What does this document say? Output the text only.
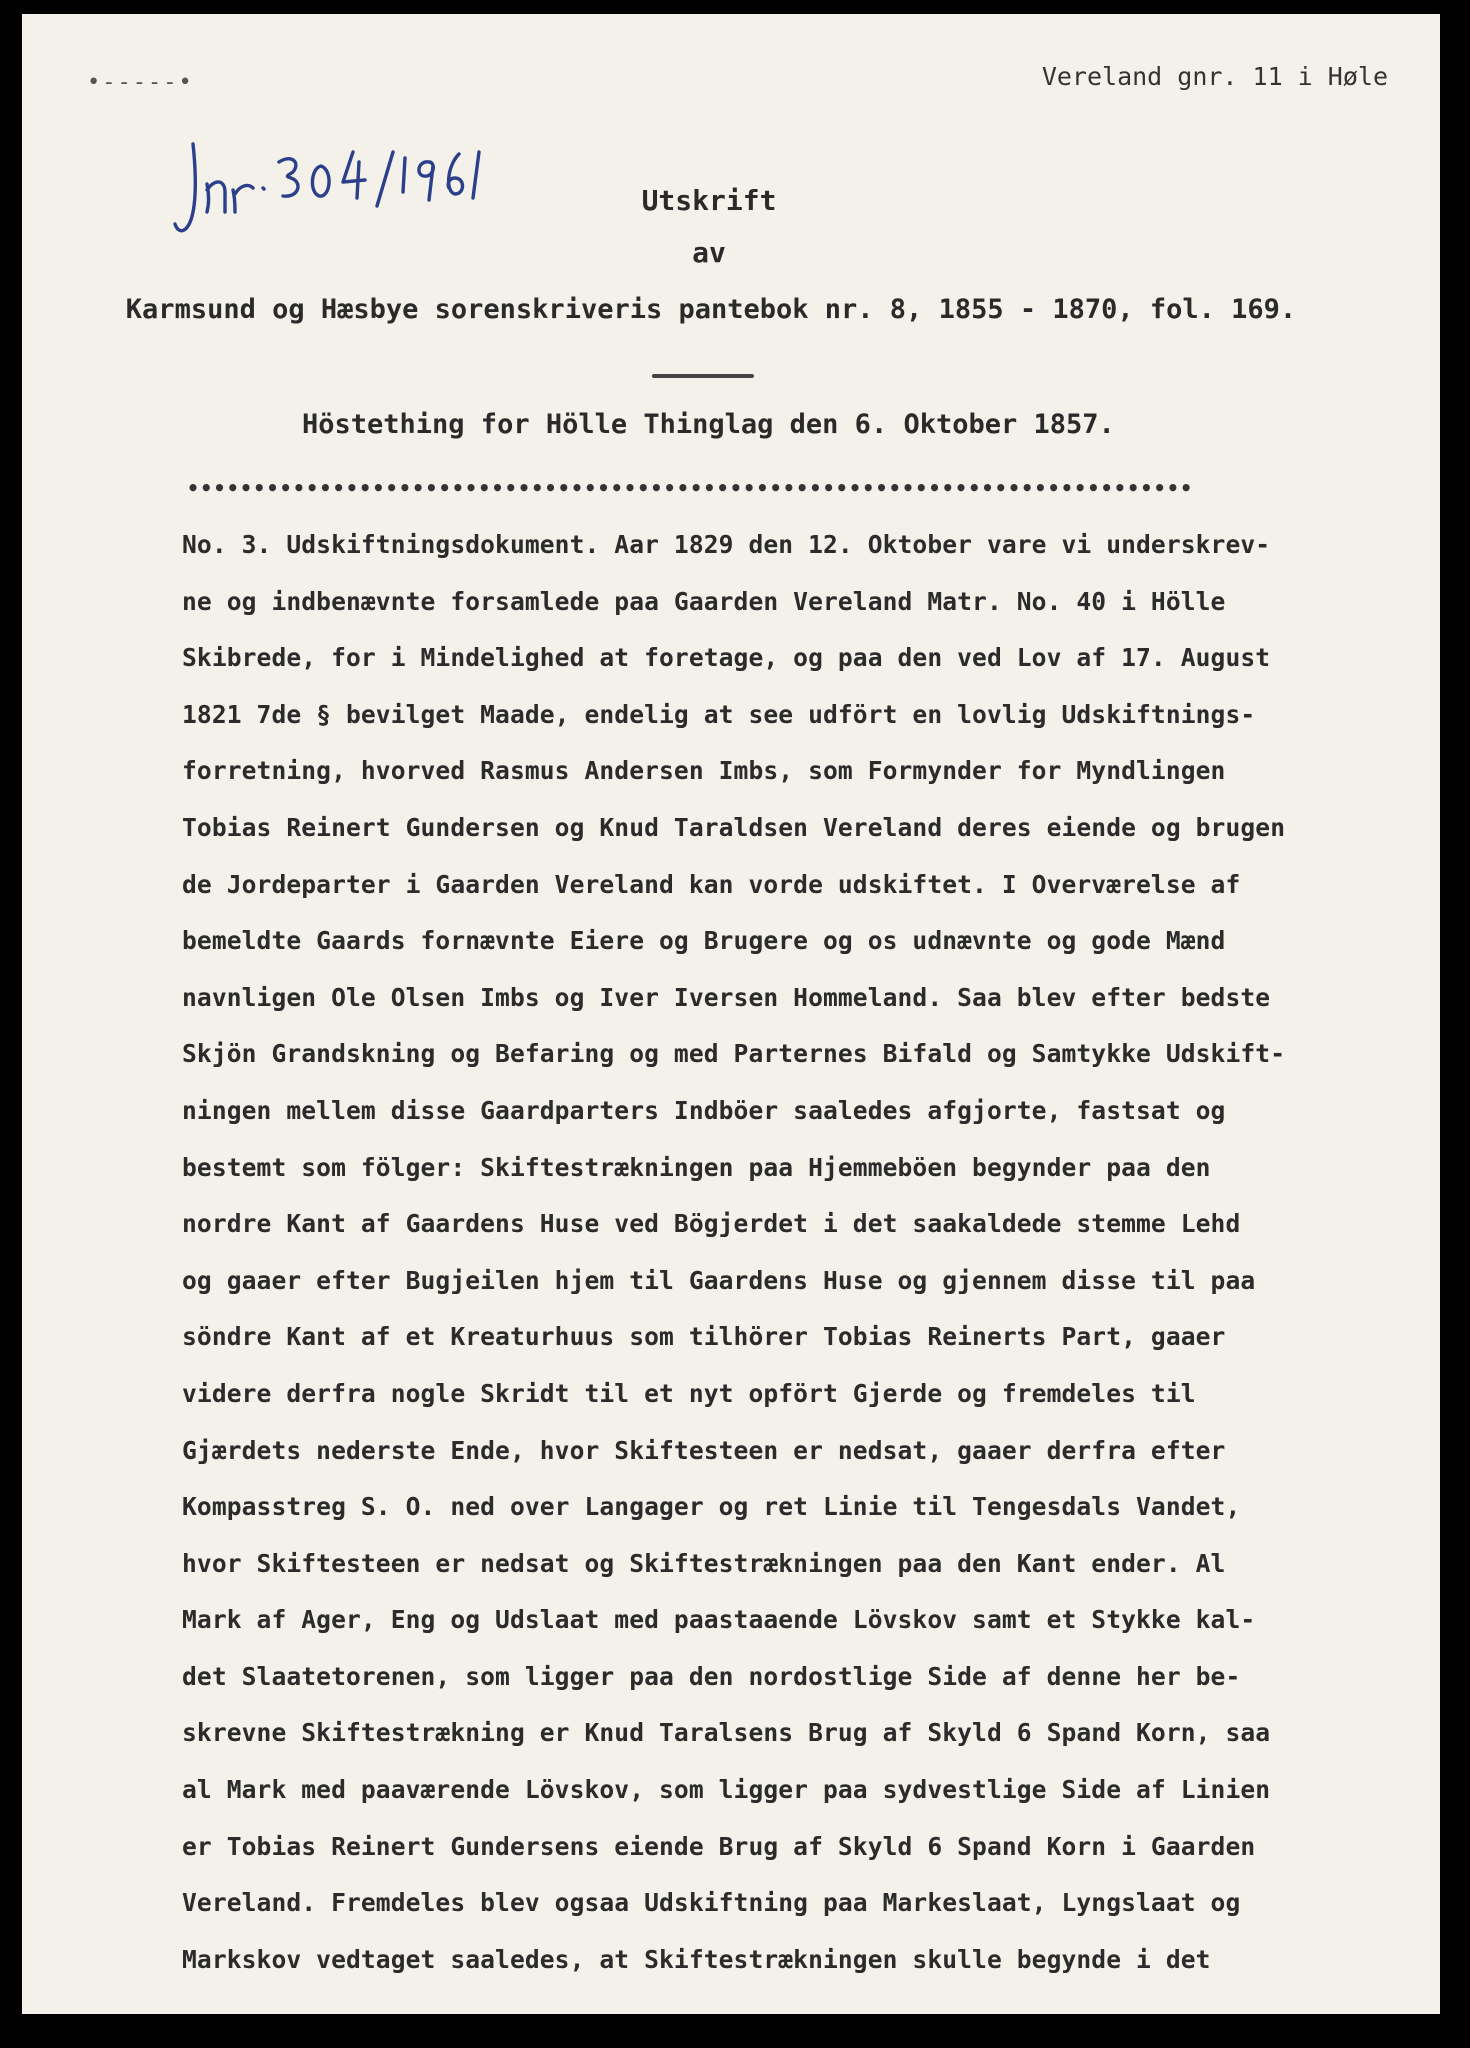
•-----•	Vereland gnr. 11 i Høle
Utskrift
av
Karmsund og Hæsbye sorenskriveris pantebok nr. 8, 1855 - 1870, fol. 169.
Höstething for Hölle Thinglag den 6. Oktober 1857.
••••••••••••••••••••••••••••••••••••••••••••••••••••••••••••••••••••••••••••
No. 3. Udskiftningsdokument. Aar 1829 den 12. Oktober vare vi underskrev-
ne og indbenævnte forsamlede paa Gaarden Vereland Matr. No. 40 i Hölle
Skibrede, for i Mindelighed at foretage, og paa den ved Lov af 17. August
1821 7de § bevilget Maade, endelig at see udfört en lovlig Udskiftnings-
forretning, hvorved Rasmus Andersen Imbs, som Formynder for Myndlingen
Tobias Reinert Gundersen og Knud Taraldsen Vereland deres eiende og brugen
de Jordeparter i Gaarden Vereland kan vorde udskiftet. I Overværelse af
bemeldte Gaards fornævnte Eiere og Brugere og os udnævnte og gode Mænd
navnligen Ole Olsen Imbs og Iver Iversen Hommeland. Saa blev efter bedste
Skjön Grandskning og Befaring og med Parternes Bifald og Samtykke Udskift-
ningen mellem disse Gaardparters Indböer saaledes afgjorte, fastsat og
bestemt som fölger: Skiftestrækningen paa Hjemmeböen begynder paa den
nordre Kant af Gaardens Huse ved Bögjerdet i det saakaldede stemme Lehd
og gaaer efter Bugjeilen hjem til Gaardens Huse og gjennem disse til paa
söndre Kant af et Kreaturhuus som tilhörer Tobias Reinerts Part, gaaer
videre derfra nogle Skridt til et nyt opfört Gjerde og fremdeles til
Gjærdets nederste Ende, hvor Skiftesteen er nedsat, gaaer derfra efter
Kompasstreg S. O. ned over Langager og ret Linie til Tengesdals Vandet,
hvor Skiftesteen er nedsat og Skiftestrækningen paa den Kant ender. Al
Mark af Ager, Eng og Udslaat med paastaaende Lövskov samt et Stykke kal-
det Slaatetorenen, som ligger paa den nordostlige Side af denne her be-
skrevne Skiftestrækning er Knud Taralsens Brug af Skyld 6 Spand Korn, saa
al Mark med paaværende Lövskov, som ligger paa sydvestlige Side af Linien
er Tobias Reinert Gundersens eiende Brug af Skyld 6 Spand Korn i Gaarden
Vereland. Fremdeles blev ogsaa Udskiftning paa Markeslaat, Lyngslaat og
Markskov vedtaget saaledes, at Skiftestrækningen skulle begynde i det
